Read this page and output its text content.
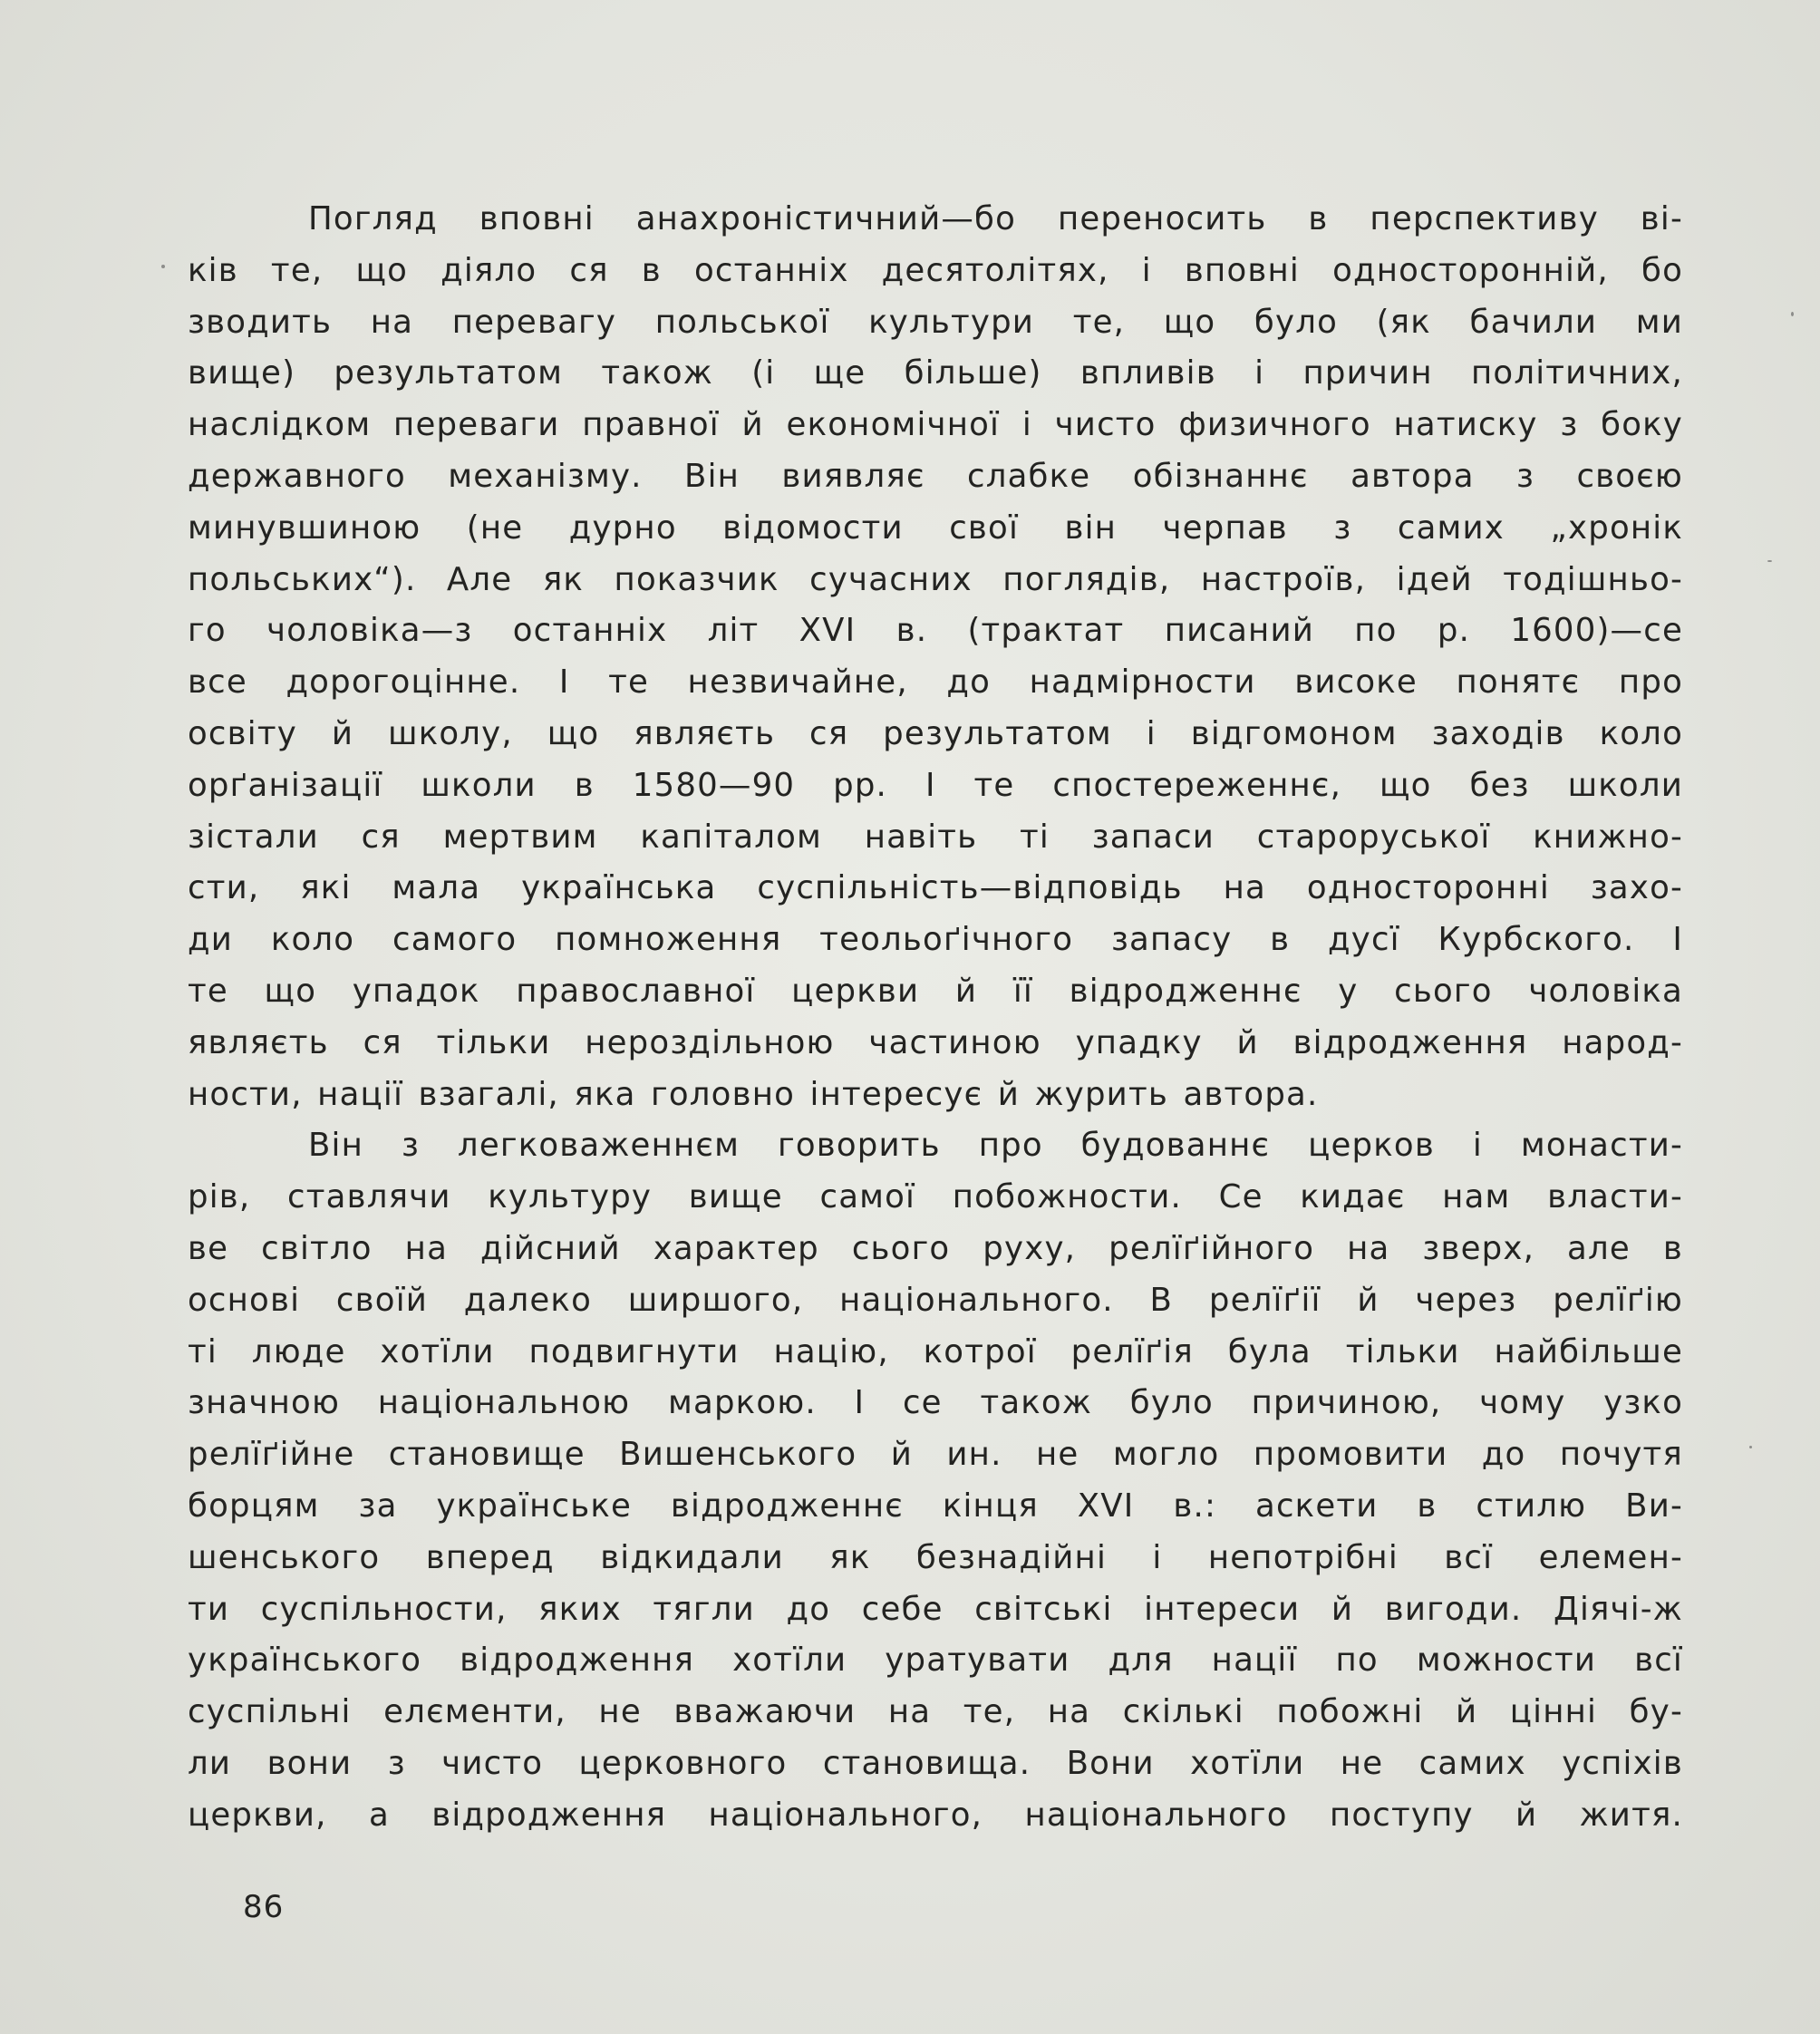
Погляд вповні анахроністичний—бо переносить в перспективу ві-
ків те, що діяло ся в останніх десятолітях, і вповні односторонній, бо
зводить на перевагу польської культури те, що було (як бачили ми
вище) результатом також (і ще більше) впливів і причин політичних,
наслідком переваги правної й економічної і чисто физичного натиску з боку
державного механізму. Він виявляє слабке обізнаннє автора з своєю
минувшиною (не дурно відомости свої він черпав з самих „хронік
польських“). Але як показчик сучасних поглядів, настроїв, ідей тодішньо-
го чоловіка—з останніх літ XVI в. (трактат писаний по р. 1600)—се
все дорогоцінне. І те незвичайне, до надмірности високе понятє про
освіту й школу, що являєть ся результатом і відгомоном заходів коло
орґанізації школи в 1580—90 рр. І те спостереженнє, що без школи
зістали ся мертвим капіталом навіть ті запаси староруської книжно-
сти, які мала українська суспільність—відповідь на односторонні захо-
ди коло самого помноження теольоґічного запасу в дусї Курбского. І
те що упадок православної церкви й її відродженнє у сього чоловіка
являєть ся тільки нероздільною частиною упадку й відродження народ-
ности, нації взагалі, яка головно інтересує й журить автора.
Він з легковаженнєм говорить про будованнє церков і монасти-
рів, ставлячи культуру вище самої побожности. Се кидає нам власти-
ве світло на дійсний характер сього руху, релїґійного на зверх, але в
основі своїй далеко ширшого, національного. В релїґії й через релїґію
ті люде хотїли подвигнути націю, котрої релїґія була тільки найбільше
значною національною маркою. І се також було причиною, чому узко
релїґійне становище Вишенського й ин. не могло промовити до почутя
борцям за українське відродженнє кінця XVI в.: аскети в стилю Ви-
шенського вперед відкидали як безнадійні і непотрібні всї елемен-
ти суспільности, яких тягли до себе світські інтереси й вигоди. Діячі-ж
українського відродження хотїли уратувати для нації по можности всї
суспільні елєменти, не вважаючи на те, на скількі побожні й цінні бу-
ли вони з чисто церковного становища. Вони хотїли не самих успіхів
церкви, а відродження національного, національного поступу й житя.
86
